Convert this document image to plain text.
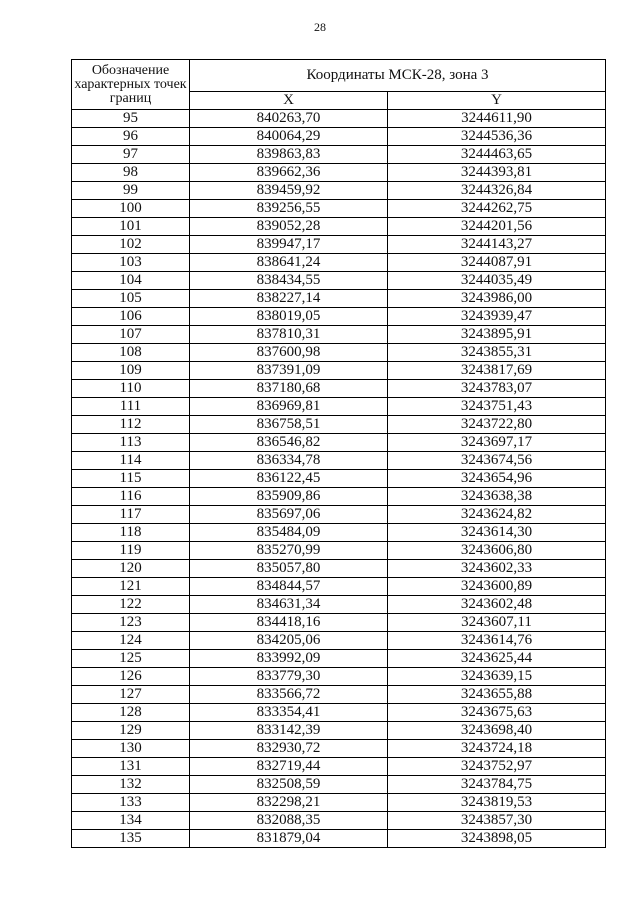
28
Обозначение характерных точек границ	Координаты МСК-28, зона 3	
	X	Y
95	840263,70	3244611,90
96	840064,29	3244536,36
97	839863,83	3244463,65
98	839662,36	3244393,81
99	839459,92	3244326,84
100	839256,55	3244262,75
101	839052,28	3244201,56
102	839947,17	3244143,27
103	838641,24	3244087,91
104	838434,55	3244035,49
105	838227,14	3243986,00
106	838019,05	3243939,47
107	837810,31	3243895,91
108	837600,98	3243855,31
109	837391,09	3243817,69
110	837180,68	3243783,07
111	836969,81	3243751,43
112	836758,51	3243722,80
113	836546,82	3243697,17
114	836334,78	3243674,56
115	836122,45	3243654,96
116	835909,86	3243638,38
117	835697,06	3243624,82
118	835484,09	3243614,30
119	835270,99	3243606,80
120	835057,80	3243602,33
121	834844,57	3243600,89
122	834631,34	3243602,48
123	834418,16	3243607,11
124	834205,06	3243614,76
125	833992,09	3243625,44
126	833779,30	3243639,15
127	833566,72	3243655,88
128	833354,41	3243675,63
129	833142,39	3243698,40
130	832930,72	3243724,18
131	832719,44	3243752,97
132	832508,59	3243784,75
133	832298,21	3243819,53
134	832088,35	3243857,30
135	831879,04	3243898,05
